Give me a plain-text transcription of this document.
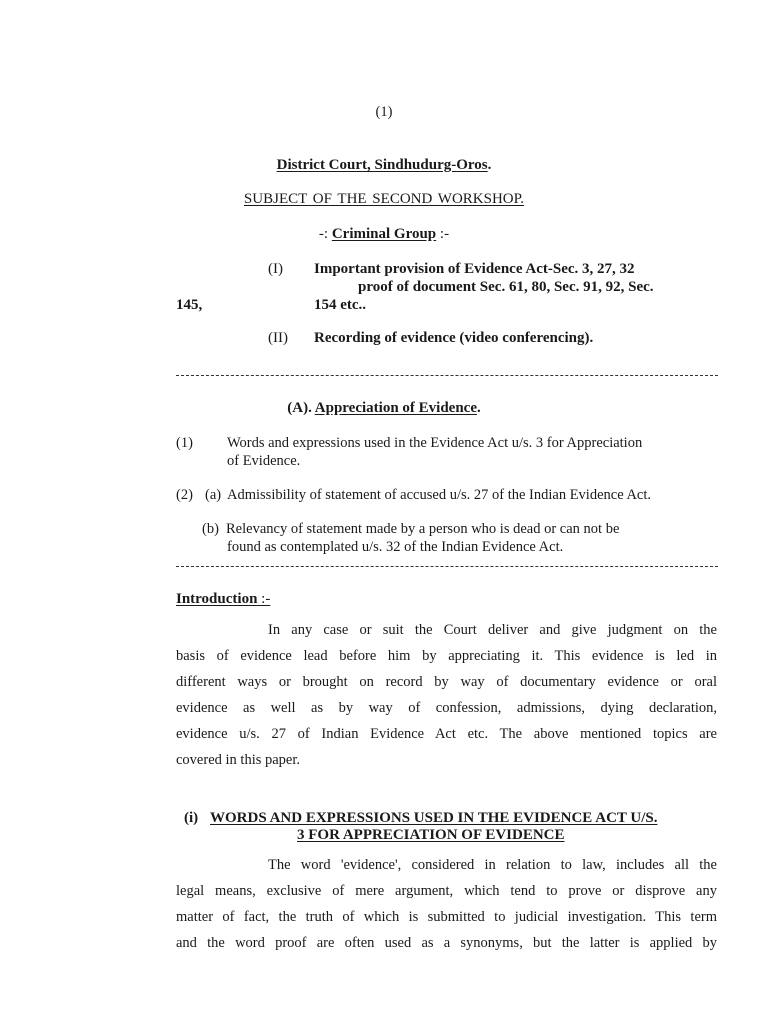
(1)
District Court, Sindhudurg-Oros.
SUBJECT OF THE SECOND WORKSHOP.
-: Criminal Group :-
(I) Important provision of Evidence Act-Sec. 3, 27, 32
proof of document Sec. 61, 80, Sec. 91, 92, Sec.
145,	154 etc..
(II) Recording of evidence (video conferencing).
(A). Appreciation of Evidence.
(1) Words and expressions used in the Evidence Act u/s. 3 for Appreciation
of Evidence.
(2) (a) Admissibility of statement of accused u/s. 27 of the Indian Evidence Act.
(b) Relevancy of statement made by a person who is dead or can not be
found as contemplated u/s. 32 of the Indian Evidence Act.
Introduction :-
In any case or suit the Court deliver and give judgment on the
basis of evidence lead before him by appreciating it. This evidence is led in
different ways or brought on record by way of documentary evidence or oral
evidence as well as by way of confession, admissions, dying declaration,
evidence u/s. 27 of Indian Evidence Act etc. The above mentioned topics are
covered in this paper.
(i) WORDS AND EXPRESSIONS USED IN THE EVIDENCE ACT U/S.
3 FOR APPRECIATION OF EVIDENCE
The word 'evidence', considered in relation to law, includes all the
legal means, exclusive of mere argument, which tend to prove or disprove any
matter of fact, the truth of which is submitted to judicial investigation. This term
and the word proof are often used as a synonyms, but the latter is applied by
